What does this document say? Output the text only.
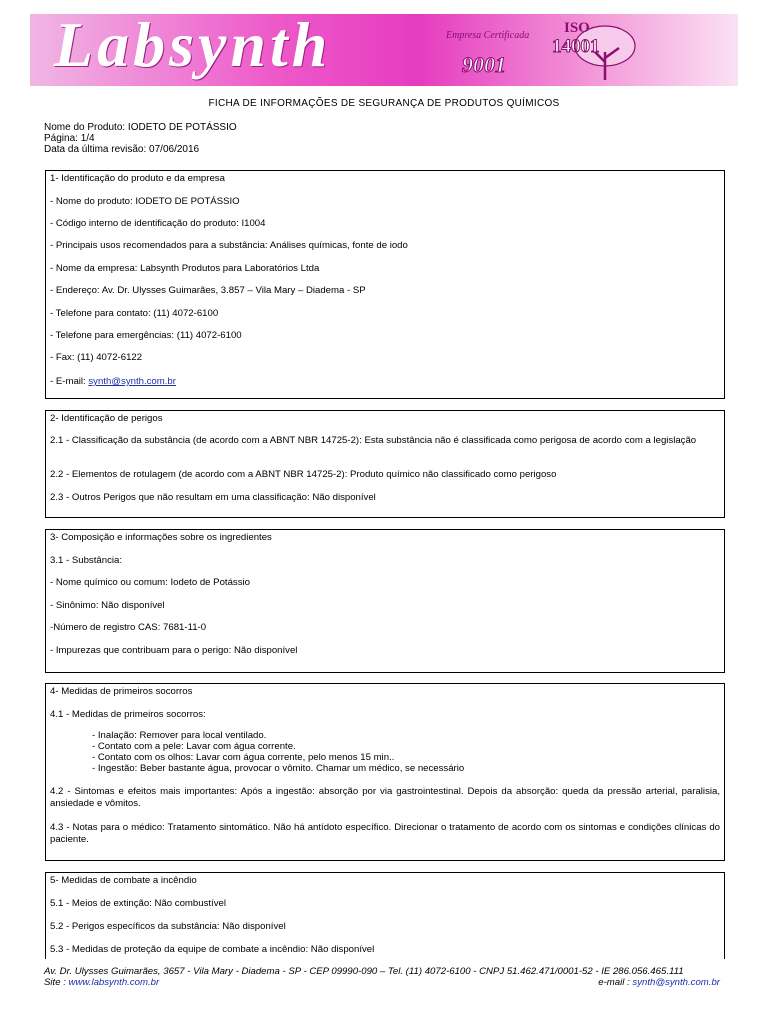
Labsynth	Empresa Certificada ISO
14001
9001
FICHA DE INFORMAÇÕES DE SEGURANÇA DE PRODUTOS QUÍMICOS
Nome do Produto: IODETO DE POTÁSSIO
Página: 1/4
Data da última revisão: 07/06/2016
1- Identificação do produto e da empresa
- Nome do produto: IODETO DE POTÁSSIO
- Código interno de identificação do produto: I1004
- Principais usos recomendados para a substância: Análises químicas, fonte de iodo
- Nome da empresa: Labsynth Produtos para Laboratórios Ltda
- Endereço: Av. Dr. Ulysses Guimarães, 3.857 – Vila Mary – Diadema - SP
- Telefone para contato: (11) 4072-6100
- Telefone para emergências: (11) 4072-6100
- Fax: (11) 4072-6122
- E-mail: synth@synth.com.br
2- Identificação de perigos
2.1 - Classificação da substância (de acordo com a ABNT NBR 14725-2): Esta substância não é classificada como perigosa de acordo com a legislação
2.2 - Elementos de rotulagem (de acordo com a ABNT NBR 14725-2): Produto químico não classificado como perigoso
2.3 - Outros Perigos que não resultam em uma classificação: Não disponível
3- Composição e informações sobre os ingredientes
3.1 - Substância:
- Nome químico ou comum: Iodeto de Potássio
- Sinônimo: Não disponível
-Número de registro CAS: 7681-11-0
- Impurezas que contribuam para o perigo: Não disponível
4- Medidas de primeiros socorros
4.1 - Medidas de primeiros socorros:
- Inalação: Remover para local ventilado.
- Contato com a pele: Lavar com água corrente.
- Contato com os olhos: Lavar com água corrente, pelo menos 15 min..
- Ingestão: Beber bastante água, provocar o vômito. Chamar um médico, se necessário
4.2 - Sintomas e efeitos mais importantes: Após a ingestão: absorção por via gastrointestinal. Depois da absorção: queda da pressão arterial, paralisia, ansiedade e vômitos.
4.3 - Notas para o médico: Tratamento sintomático. Não há antídoto específico. Direcionar o tratamento de acordo com os sintomas e condições clínicas do paciente.
5- Medidas de combate a incêndio
5.1 - Meios de extinção: Não combustível
5.2 - Perigos específicos da substância: Não disponível
5.3 - Medidas de proteção da equipe de combate a incêndio: Não disponível
Av. Dr. Ulysses Guimarães, 3657 - Vila Mary - Diadema - SP - CEP 09990-090 – Tel. (11) 4072-6100 - CNPJ 51.462.471/0001-52 - IE 286.056.465.111
Site : www.labsynth.com.br	e-mail : synth@synth.com.br
